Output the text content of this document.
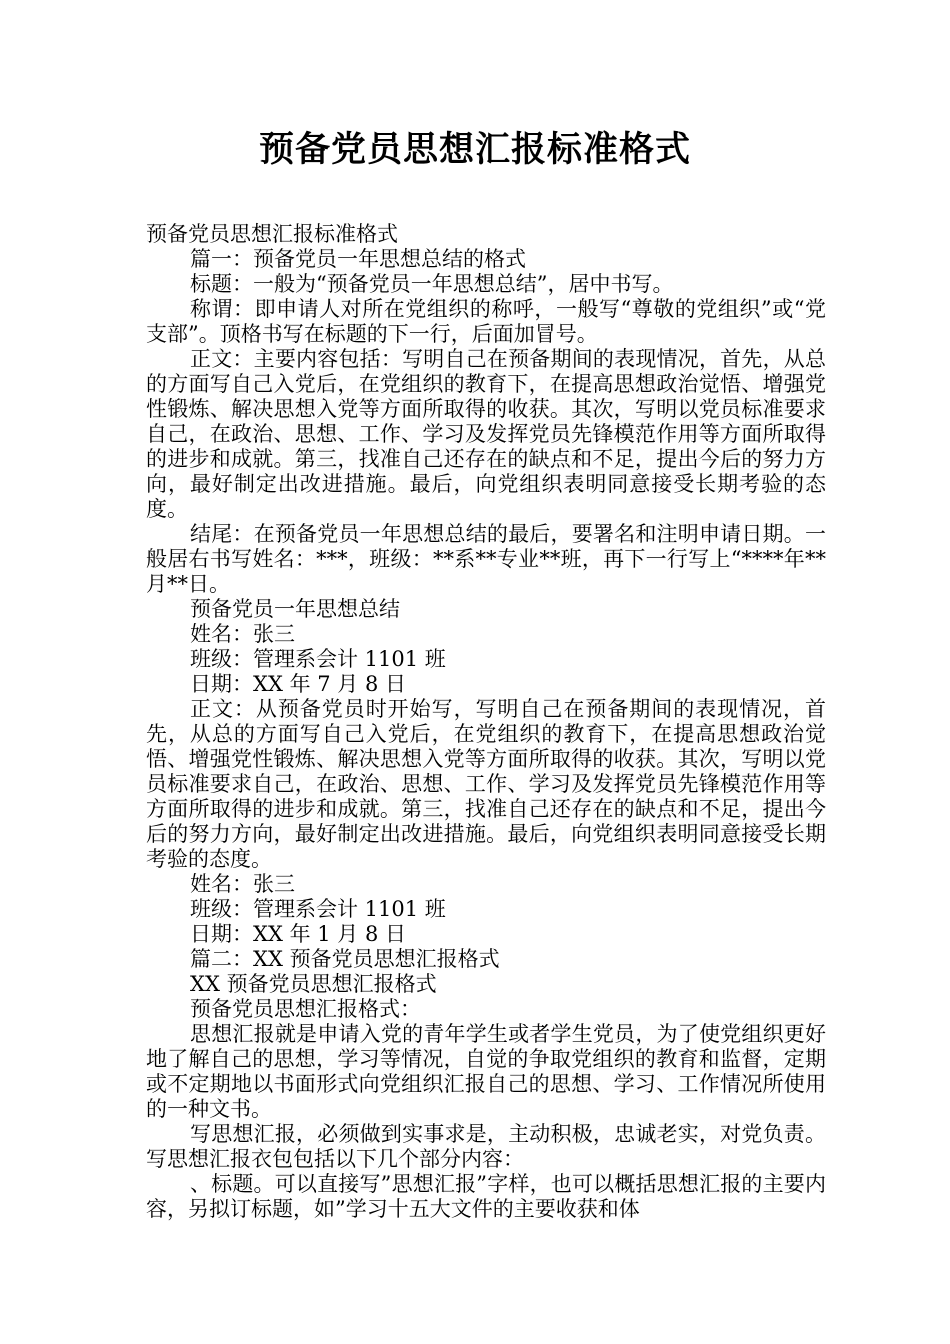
预备党员思想汇报标准格式

预备党员思想汇报标准格式

篇一：预备党员一年思想总结的格式

标题：一般为“预备党员一年思想总结”，居中书写。

称谓：即申请人对所在党组织的称呼，一般写“尊敬的党组织”或“党支部”。顶格书写在标题的下一行，后面加冒号。

正文：主要内容包括：写明自己在预备期间的表现情况，首先，从总的方面写自己入党后，在党组织的教育下，在提高思想政治觉悟、增强党性锻炼、解决思想入党等方面所取得的收获。其次，写明以党员标准要求自己，在政治、思想、工作、学习及发挥党员先锋模范作用等方面所取得的进步和成就。第三，找准自己还存在的缺点和不足，提出今后的努力方向，最好制定出改进措施。最后，向党组织表明同意接受长期考验的态度。

结尾：在预备党员一年思想总结的最后，要署名和注明申请日期。一般居右书写姓名：***，班级：**系**专业**班，再下一行写上“****年**月**日。

预备党员一年思想总结

姓名：张三

班级：管理系会计 1101 班

日期：XX 年 7 月 8 日

正文：从预备党员时开始写，写明自己在预备期间的表现情况，首先，从总的方面写自己入党后，在党组织的教育下，在提高思想政治觉悟、增强党性锻炼、解决思想入党等方面所取得的收获。其次，写明以党员标准要求自己，在政治、思想、工作、学习及发挥党员先锋模范作用等方面所取得的进步和成就。第三，找准自己还存在的缺点和不足，提出今后的努力方向，最好制定出改进措施。最后，向党组织表明同意接受长期考验的态度。

姓名：张三

班级：管理系会计 1101 班

日期：XX 年 1 月 8 日

篇二：XX 预备党员思想汇报格式

XX 预备党员思想汇报格式

预备党员思想汇报格式：

思想汇报就是申请入党的青年学生或者学生党员，为了使党组织更好地了解自己的思想，学习等情况，自觉的争取党组织的教育和监督，定期或不定期地以书面形式向党组织汇报自己的思想、学习、工作情况所使用的一种文书。

写思想汇报，必须做到实事求是，主动积极，忠诚老实，对党负责。写思想汇报衣包包括以下几个部分内容：

、标题。可以直接写”思想汇报”字样，也可以概括思想汇报的主要内容，另拟订标题，如”学习十五大文件的主要收获和体
